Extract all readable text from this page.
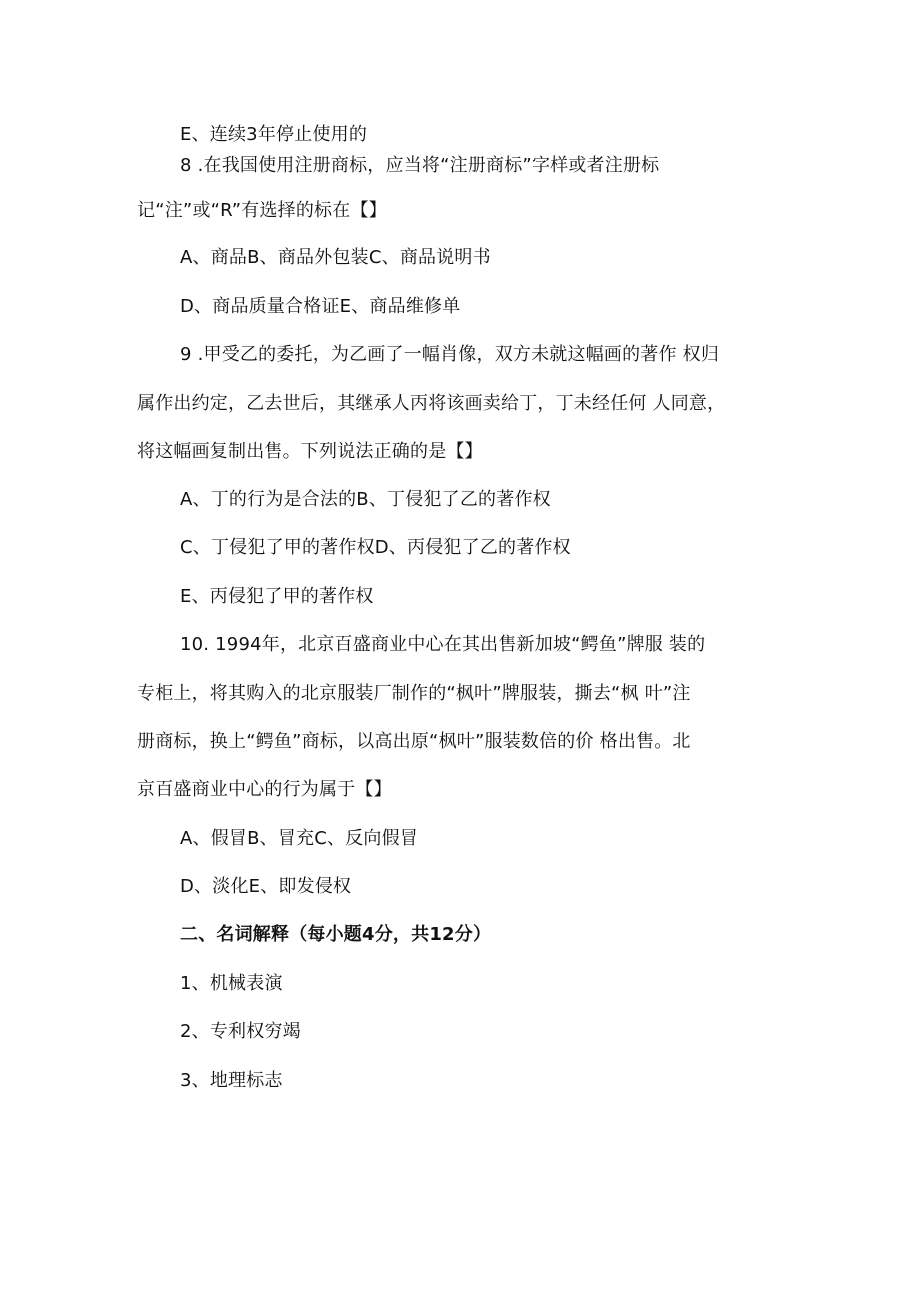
E、连续3年停止使用的
8 .在我国使用注册商标，应当将“注册商标”字样或者注册标
记“注”或“R”有选择的标在【】
A、商品B、商品外包装C、商品说明书
D、商品质量合格证E、商品维修单
9 .甲受乙的委托，为乙画了一幅肖像，双方未就这幅画的著作 权归
属作出约定，乙去世后，其继承人丙将该画卖给丁，丁未经任何 人同意，
将这幅画复制出售。下列说法正确的是【】
A、丁的行为是合法的B、丁侵犯了乙的著作权
C、丁侵犯了甲的著作权D、丙侵犯了乙的著作权
E、丙侵犯了甲的著作权
10. 1994年，北京百盛商业中心在其出售新加坡“鳄鱼”牌服 装的
专柜上，将其购入的北京服装厂制作的“枫叶”牌服装，撕去“枫 叶”注
册商标，换上“鳄鱼”商标，以高出原“枫叶”服装数倍的价 格出售。北
京百盛商业中心的行为属于【】
A、假冒B、冒充C、反向假冒
D、淡化E、即发侵权
二、名词解释（每小题4分，共12分）
1、机械表演
2、专利权穷竭
3、地理标志
